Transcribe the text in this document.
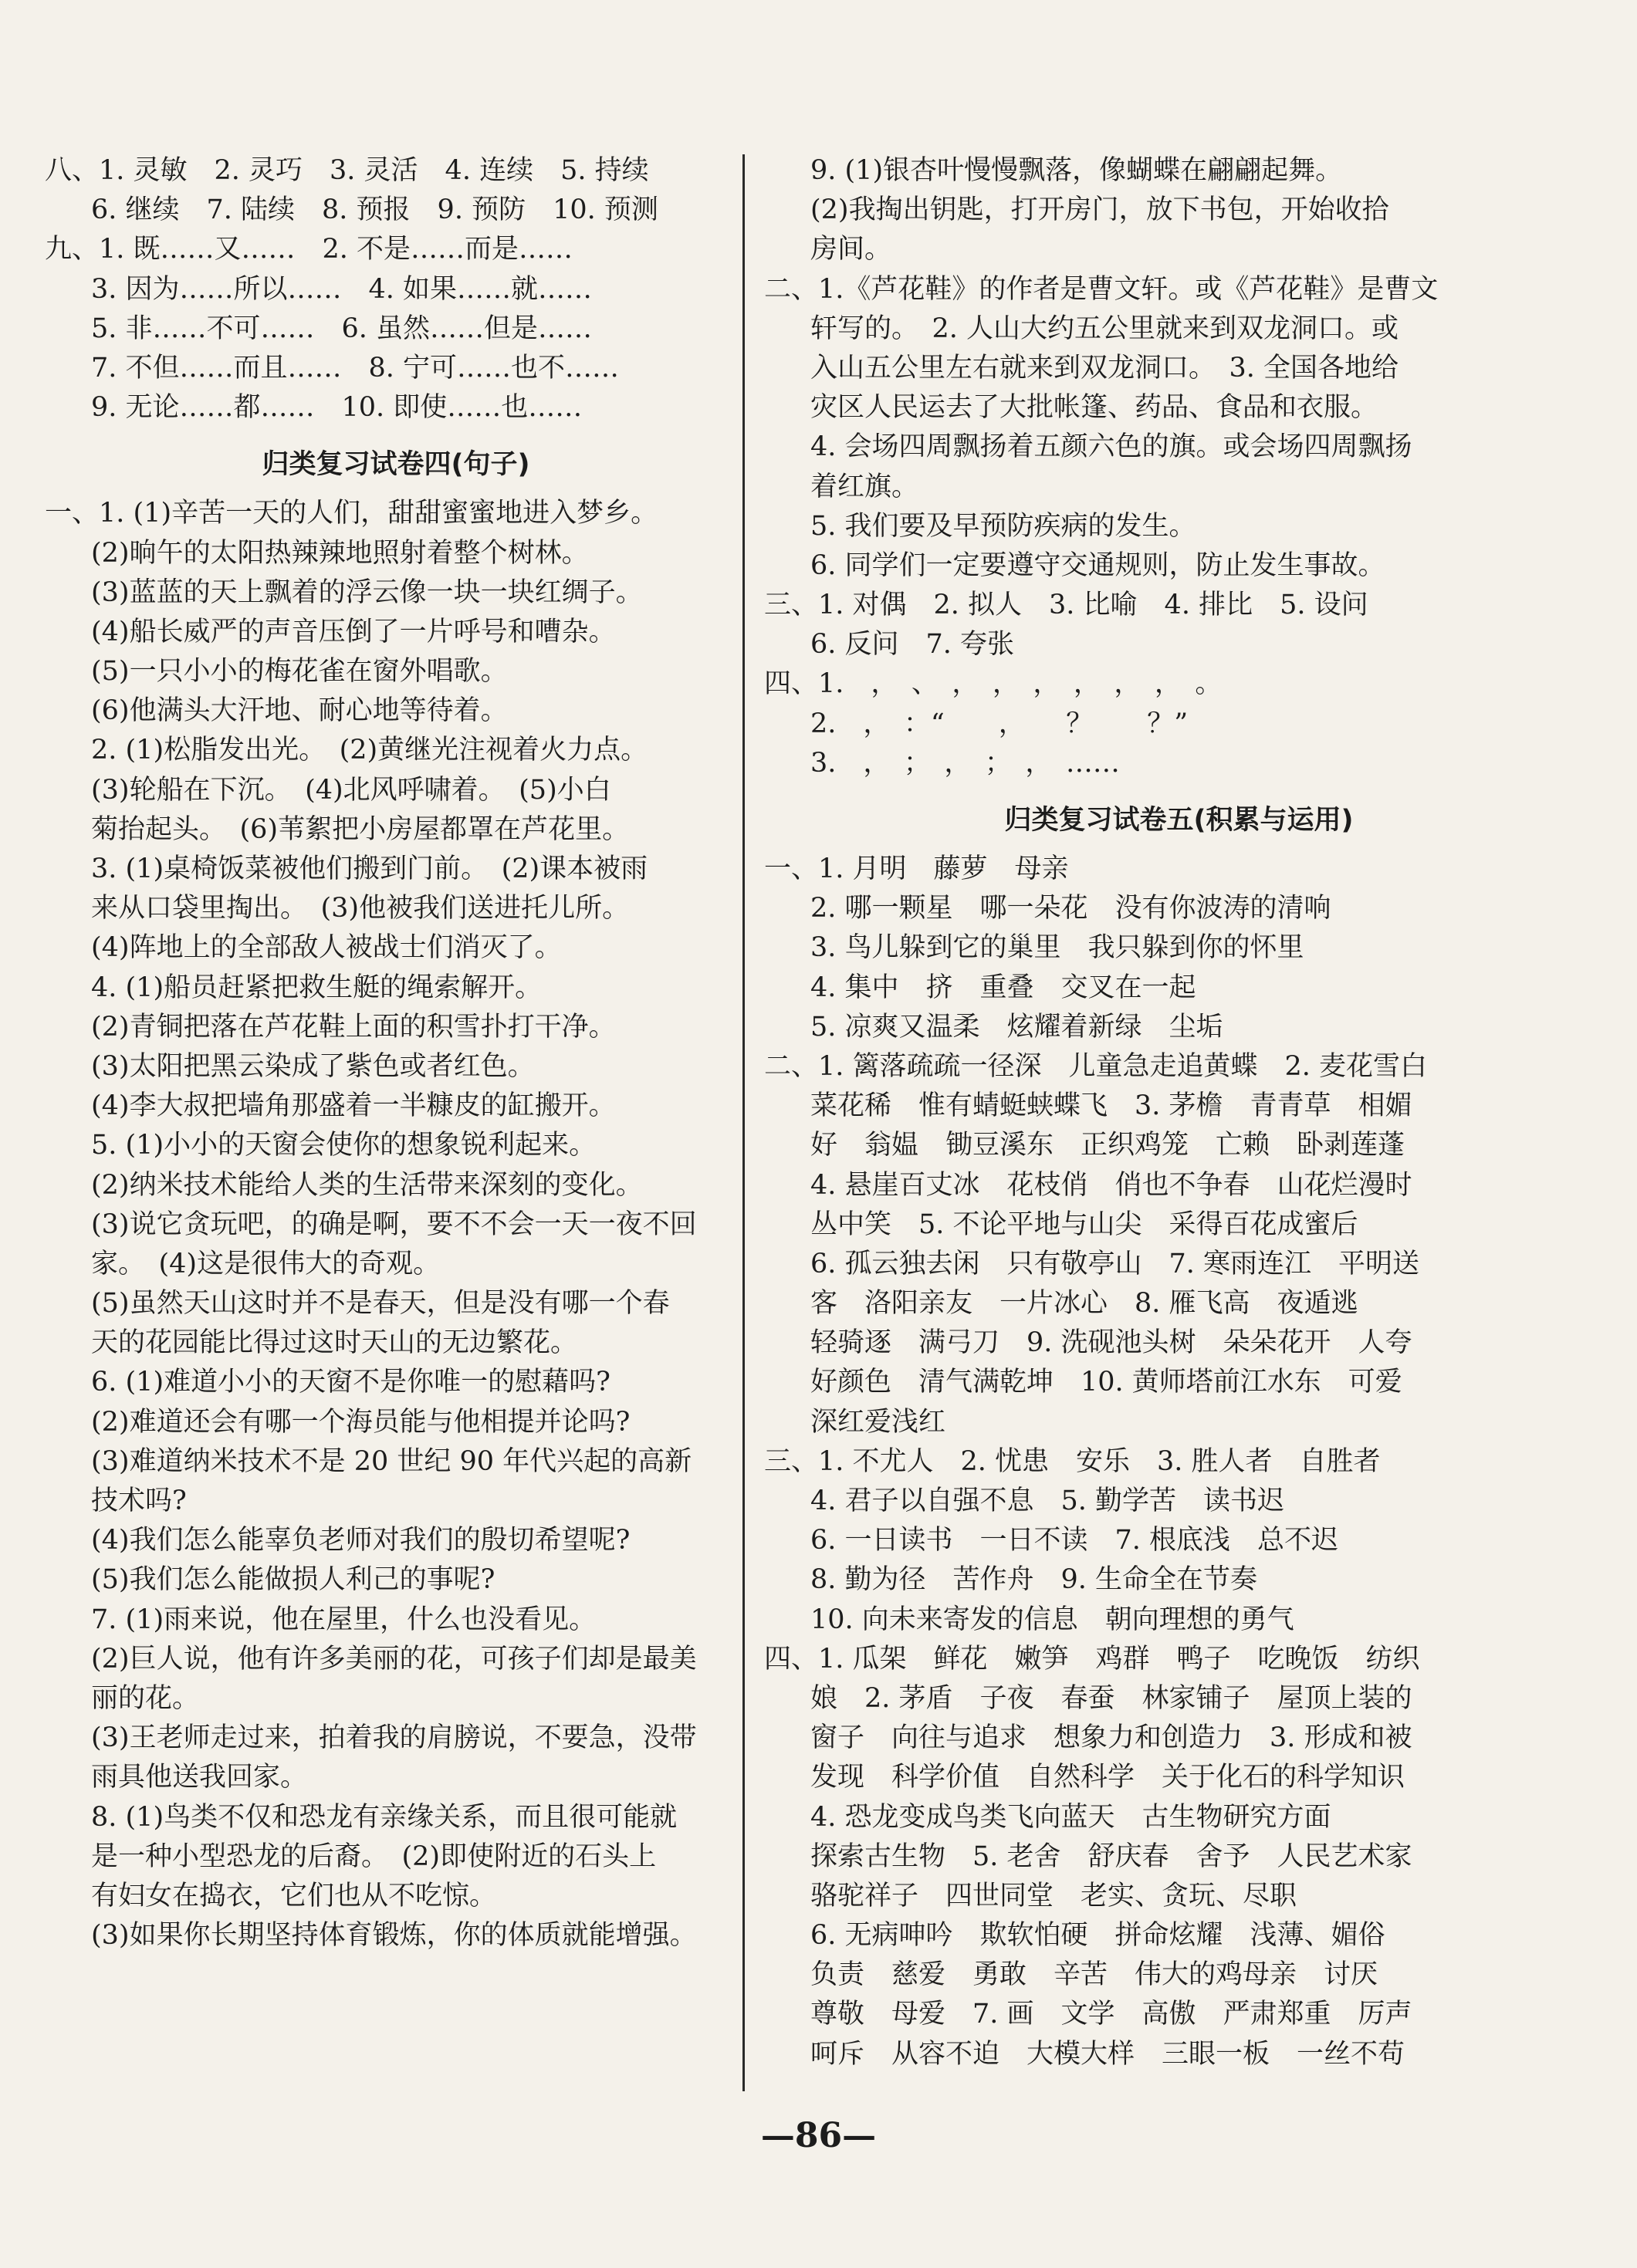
八、1. 灵敏　2. 灵巧　3. 灵活　4. 连续　5. 持续
6. 继续　7. 陆续　8. 预报　9. 预防　10. 预测
九、1. 既……又……　2. 不是……而是……
3. 因为……所以……　4. 如果……就……
5. 非……不可……　6. 虽然……但是……
7. 不但……而且……　8. 宁可……也不……
9. 无论……都……　10. 即使……也……
归类复习试卷四(句子)
一、1. (1)辛苦一天的人们，甜甜蜜蜜地进入梦乡。
(2)晌午的太阳热辣辣地照射着整个树林。
(3)蓝蓝的天上飘着的浮云像一块一块红绸子。
(4)船长威严的声音压倒了一片呼号和嘈杂。
(5)一只小小的梅花雀在窗外唱歌。
(6)他满头大汗地、耐心地等待着。
2. (1)松脂发出光。　(2)黄继光注视着火力点。
(3)轮船在下沉。　(4)北风呼啸着。　(5)小白
菊抬起头。　(6)苇絮把小房屋都罩在芦花里。
3. (1)桌椅饭菜被他们搬到门前。　(2)课本被雨
来从口袋里掏出。　(3)他被我们送进托儿所。
(4)阵地上的全部敌人被战士们消灭了。
4. (1)船员赶紧把救生艇的绳索解开。
(2)青铜把落在芦花鞋上面的积雪扑打干净。
(3)太阳把黑云染成了紫色或者红色。
(4)李大叔把墙角那盛着一半糠皮的缸搬开。
5. (1)小小的天窗会使你的想象锐利起来。
(2)纳米技术能给人类的生活带来深刻的变化。
(3)说它贪玩吧，的确是啊，要不不会一天一夜不回
家。　(4)这是很伟大的奇观。
(5)虽然天山这时并不是春天，但是没有哪一个春
天的花园能比得过这时天山的无边繁花。
6. (1)难道小小的天窗不是你唯一的慰藉吗?
(2)难道还会有哪一个海员能与他相提并论吗?
(3)难道纳米技术不是 20 世纪 90 年代兴起的高新
技术吗?
(4)我们怎么能辜负老师对我们的殷切希望呢?
(5)我们怎么能做损人利己的事呢?
7. (1)雨来说，他在屋里，什么也没看见。
(2)巨人说，他有许多美丽的花，可孩子们却是最美
丽的花。
(3)王老师走过来，拍着我的肩膀说，不要急，没带
雨具他送我回家。
8. (1)鸟类不仅和恐龙有亲缘关系，而且很可能就
是一种小型恐龙的后裔。　(2)即使附近的石头上
有妇女在捣衣，它们也从不吃惊。
(3)如果你长期坚持体育锻炼，你的体质就能增强。
9. (1)银杏叶慢慢飘落，像蝴蝶在翩翩起舞。
(2)我掏出钥匙，打开房门，放下书包，开始收拾
房间。
二、1.《芦花鞋》的作者是曹文轩。或《芦花鞋》是曹文
轩写的。　2. 人山大约五公里就来到双龙洞口。或
入山五公里左右就来到双龙洞口。　3. 全国各地给
灾区人民运去了大批帐篷、药品、食品和衣服。
4. 会场四周飘扬着五颜六色的旗。或会场四周飘扬
着红旗。
5. 我们要及早预防疾病的发生。
6. 同学们一定要遵守交通规则，防止发生事故。
三、1. 对偶　2. 拟人　3. 比喻　4. 排比　5. 设问
6. 反问　7. 夸张
四、1.　，　、　，　，　，　，　，　，　。
2.　，　：“　　，　　？　　？”
3.　，　；　，　；　，　……
归类复习试卷五(积累与运用)
一、1. 月明　藤萝　母亲
2. 哪一颗星　哪一朵花　没有你波涛的清响
3. 鸟儿躲到它的巢里　我只躲到你的怀里
4. 集中　挤　重叠　交叉在一起
5. 凉爽又温柔　炫耀着新绿　尘垢
二、1. 篱落疏疏一径深　儿童急走追黄蝶　2. 麦花雪白
菜花稀　惟有蜻蜓蛱蝶飞　3. 茅檐　青青草　相媚
好　翁媪　锄豆溪东　正织鸡笼　亡赖　卧剥莲蓬
4. 悬崖百丈冰　花枝俏　俏也不争春　山花烂漫时
丛中笑　5. 不论平地与山尖　采得百花成蜜后
6. 孤云独去闲　只有敬亭山　7. 寒雨连江　平明送
客　洛阳亲友　一片冰心　8. 雁飞高　夜遁逃
轻骑逐　满弓刀　9. 洗砚池头树　朵朵花开　人夸
好颜色　清气满乾坤　10. 黄师塔前江水东　可爱
深红爱浅红
三、1. 不尤人　2. 忧患　安乐　3. 胜人者　自胜者
4. 君子以自强不息　5. 勤学苦　读书迟
6. 一日读书　一日不读　7. 根底浅　总不迟
8. 勤为径　苦作舟　9. 生命全在节奏
10. 向未来寄发的信息　朝向理想的勇气
四、1. 瓜架　鲜花　嫩笋　鸡群　鸭子　吃晚饭　纺织
娘　2. 茅盾　子夜　春蚕　林家铺子　屋顶上装的
窗子　向往与追求　想象力和创造力　3. 形成和被
发现　科学价值　自然科学　关于化石的科学知识
4. 恐龙变成鸟类飞向蓝天　古生物研究方面
探索古生物　5. 老舍　舒庆春　舍予　人民艺术家
骆驼祥子　四世同堂　老实、贪玩、尽职
6. 无病呻吟　欺软怕硬　拼命炫耀　浅薄、媚俗
负责　慈爱　勇敢　辛苦　伟大的鸡母亲　讨厌
尊敬　母爱　7. 画　文学　高傲　严肃郑重　厉声
呵斥　从容不迫　大模大样　三眼一板　一丝不苟
—86—
